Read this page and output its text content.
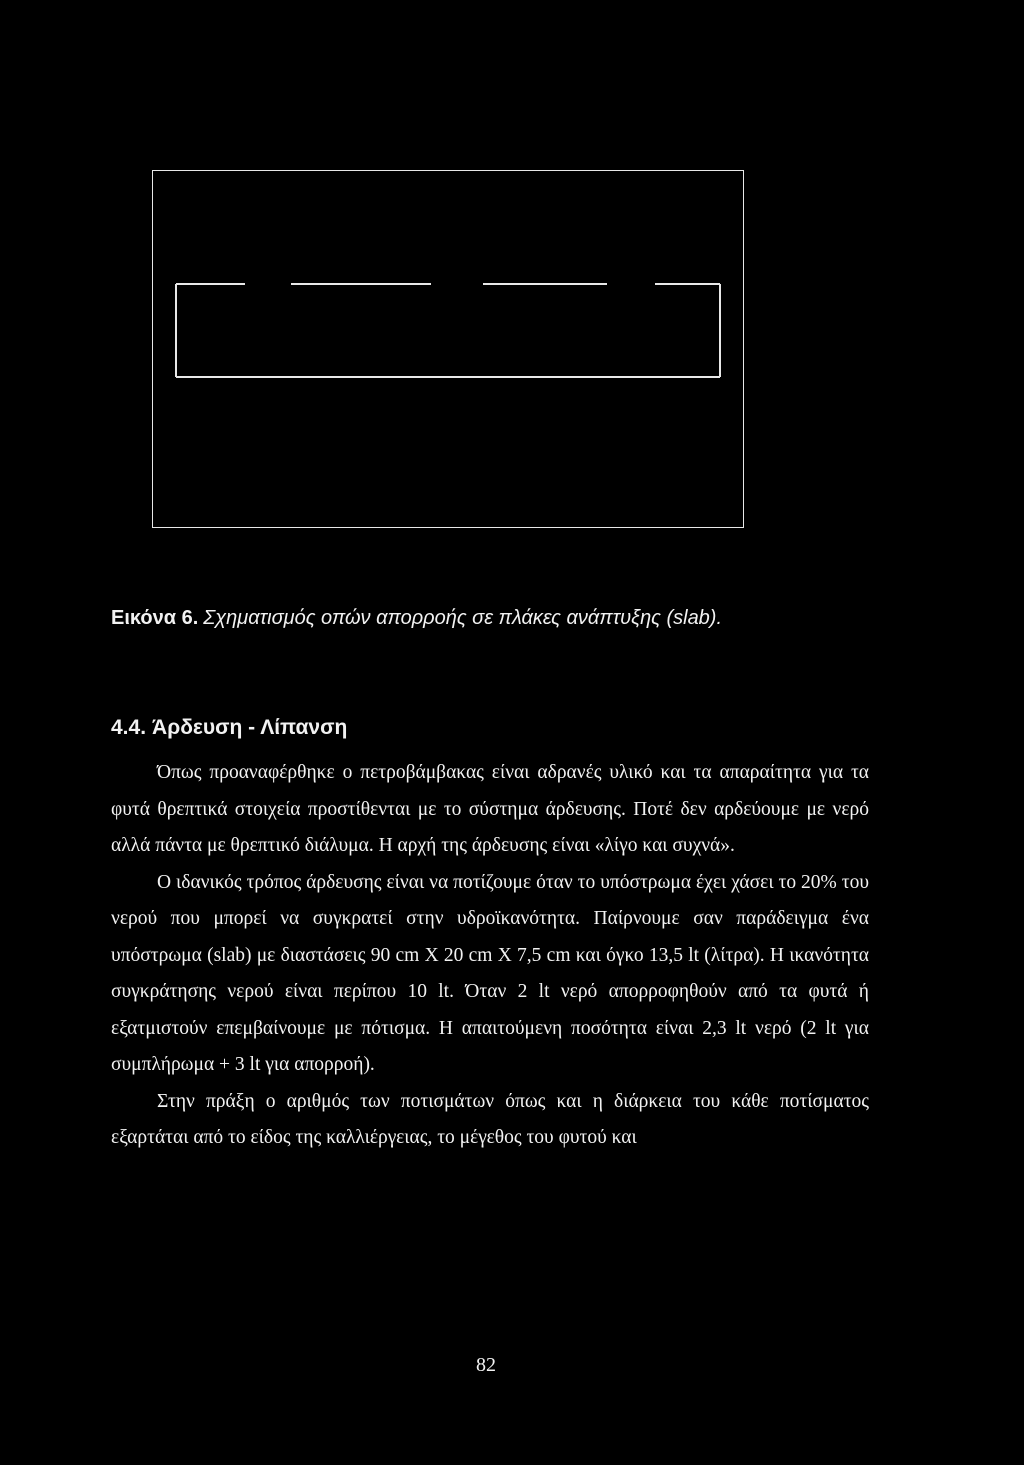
Εικόνα 6. Σχηματισμός οπών απορροής σε πλάκες ανάπτυξης (slab).
4.4. Άρδευση - Λίπανση

Όπως προαναφέρθηκε ο πετροβάμβακας είναι αδρανές υλικό και τα απαραίτητα για τα φυτά θρεπτικά στοιχεία προστίθενται με το σύστημα άρδευσης. Ποτέ δεν αρδεύουμε με νερό αλλά πάντα με θρεπτικό διάλυμα. Η αρχή της άρδευσης είναι «λίγο και συχνά».

Ο ιδανικός τρόπος άρδευσης είναι να ποτίζουμε όταν το υπόστρωμα έχει χάσει το 20% του νερού που μπορεί να συγκρατεί στην υδροϊκανότητα. Παίρνουμε σαν παράδειγμα ένα υπόστρωμα (slab) με διαστάσεις 90 cm X 20 cm X 7,5 cm και όγκο 13,5 lt (λίτρα). Η ικανότητα συγκράτησης νερού είναι περίπου 10 lt. Όταν 2 lt νερό απορροφηθούν από τα φυτά ή εξατμιστούν επεμβαίνουμε με πότισμα. Η απαιτούμενη ποσότητα είναι 2,3 lt νερό (2 lt για συμπλήρωμα + 3 lt για απορροή).

Στην πράξη ο αριθμός των ποτισμάτων όπως και η διάρκεια του κάθε ποτίσματος εξαρτάται από το είδος της καλλιέργειας, το μέγεθος του φυτού και

82
